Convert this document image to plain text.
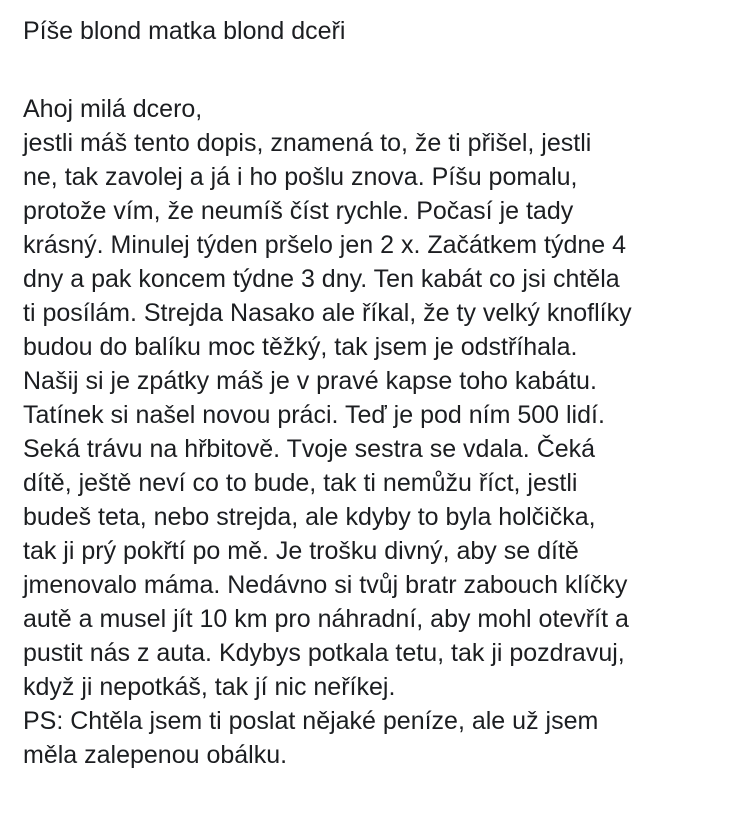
Píše blond matka blond dceři

Ahoj milá dcero,
jestli máš tento dopis, znamená to, že ti přišel, jestli
ne, tak zavolej a já i ho pošlu znova. Píšu pomalu,
protože vím, že neumíš číst rychle. Počasí je tady
krásný. Minulej týden pršelo jen 2 x. Začátkem týdne 4
dny a pak koncem týdne 3 dny. Ten kabát co jsi chtěla
ti posílám. Strejda Nasako ale říkal, že ty velký knoflíky
budou do balíku moc těžký, tak jsem je odstříhala.
Našij si je zpátky máš je v pravé kapse toho kabátu.
Tatínek si našel novou práci. Teď je pod ním 500 lidí.
Seká trávu na hřbitově. Tvoje sestra se vdala. Čeká
dítě, ještě neví co to bude, tak ti nemůžu říct, jestli
budeš teta, nebo strejda, ale kdyby to byla holčička,
tak ji prý pokřtí po mě. Je trošku divný, aby se dítě
jmenovalo máma. Nedávno si tvůj bratr zabouch klíčky
autě a musel jít 10 km pro náhradní, aby mohl otevřít a
pustit nás z auta. Kdybys potkala tetu, tak ji pozdravuj,
když ji nepotkáš, tak jí nic neříkej.
PS: Chtěla jsem ti poslat nějaké peníze, ale už jsem
měla zalepenou obálku.
